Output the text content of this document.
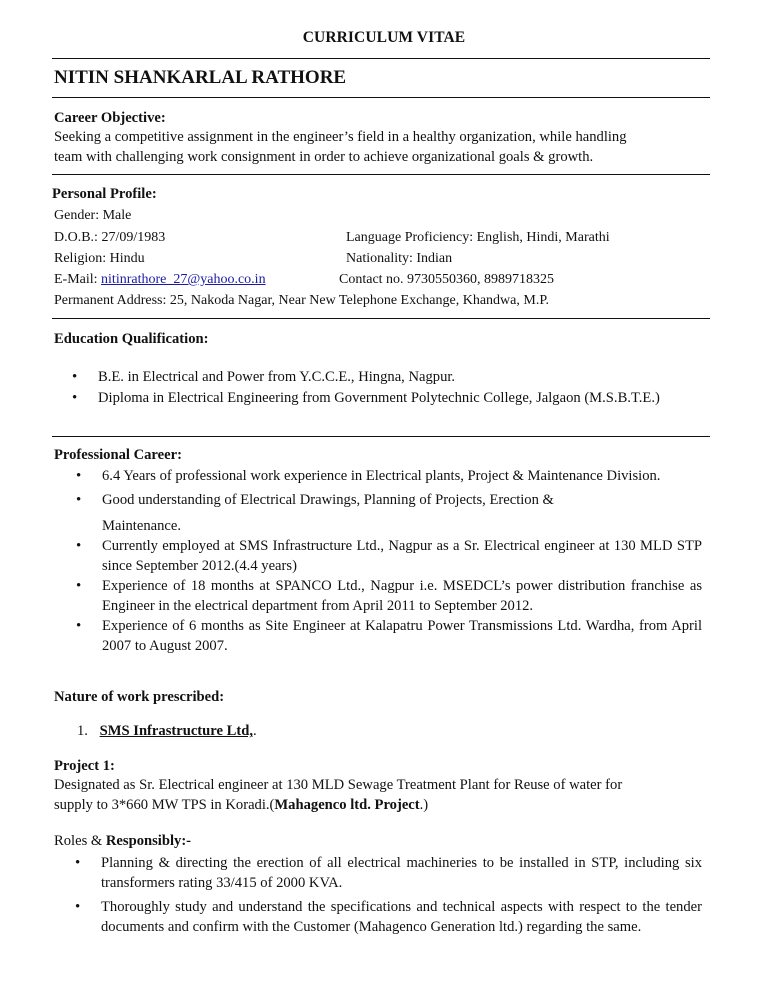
CURRICULUM VITAE
NITIN SHANKARLAL RATHORE
Career Objective:
Seeking a competitive assignment in the engineer’s field in a healthy organization, while handling
team with challenging work consignment in order to achieve organizational goals & growth.
Personal Profile:
Gender: Male
D.O.B.: 27/09/1983	Language Proficiency: English, Hindi, Marathi
Religion: Hindu	Nationality: Indian
E-Mail: nitinrathore_27@yahoo.co.in	Contact no. 9730550360, 8989718325
Permanent Address: 25, Nakoda Nagar, Near New Telephone Exchange, Khandwa, M.P.
Education Qualification:
• B.E. in Electrical and Power from Y.C.C.E., Hingna, Nagpur.
• Diploma in Electrical Engineering from Government Polytechnic College, Jalgaon (M.S.B.T.E.)
Professional Career:
• 6.4 Years of professional work experience in Electrical plants, Project & Maintenance Division.
• Good understanding of Electrical Drawings, Planning of Projects, Erection &
Maintenance.
• Currently employed at SMS Infrastructure Ltd., Nagpur as a Sr. Electrical engineer at 130 MLD STP since September 2012.(4.4 years)
• Experience of 18 months at SPANCO Ltd., Nagpur i.e. MSEDCL’s power distribution franchise as Engineer in the electrical department from April 2011 to September 2012.
• Experience of 6 months as Site Engineer at Kalapatru Power Transmissions Ltd. Wardha, from April 2007 to August 2007.
Nature of work prescribed:
1. SMS Infrastructure Ltd,.
Project 1:
Designated as Sr. Electrical engineer at 130 MLD Sewage Treatment Plant for Reuse of water for
supply to 3*660 MW TPS in Koradi.(Mahagenco ltd. Project.)
Roles & Responsibly:-
• Planning & directing the erection of all electrical machineries to be installed in STP, including six transformers rating 33/415 of 2000 KVA.
• Thoroughly study and understand the specifications and technical aspects with respect to the tender documents and confirm with the Customer (Mahagenco Generation ltd.) regarding the same.
